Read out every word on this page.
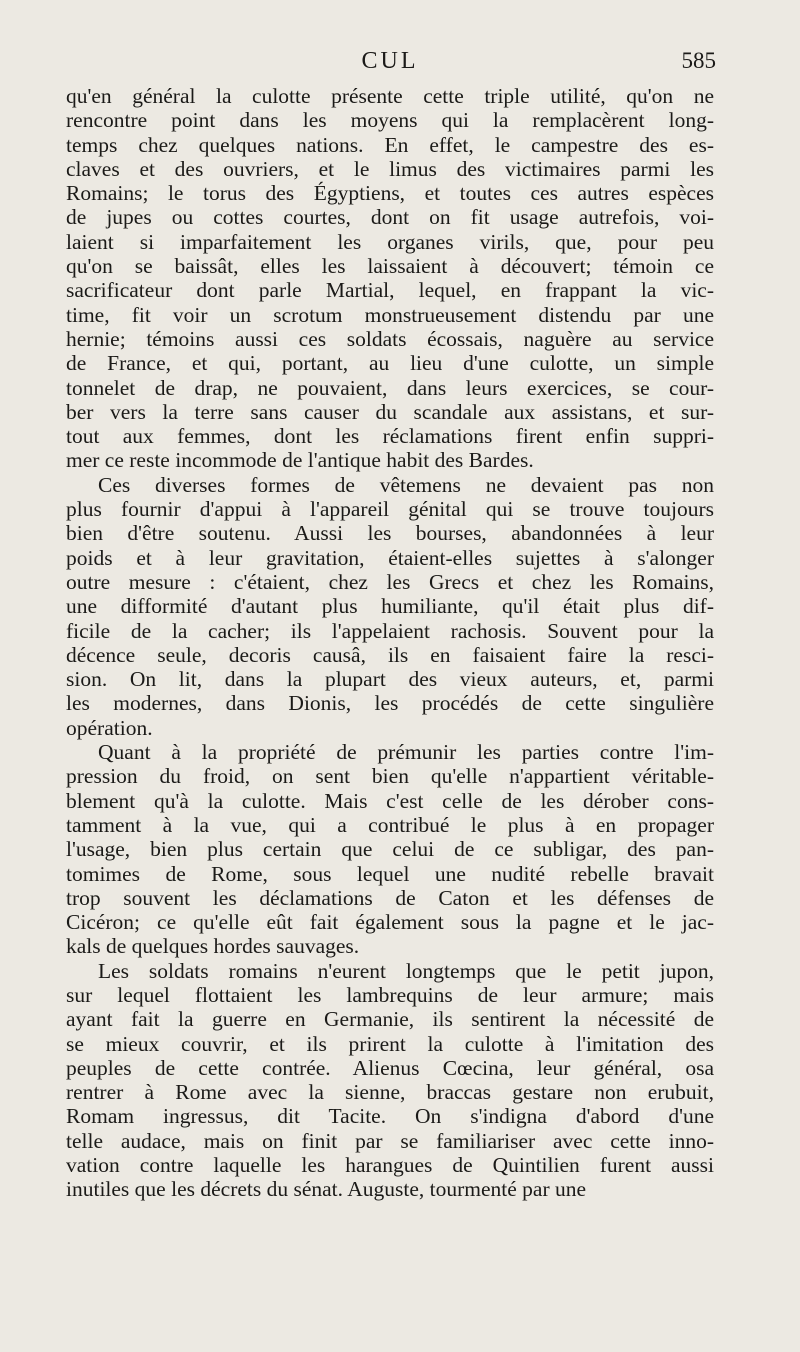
CUL	585
qu'en général la culotte présente cette triple utilité, qu'on ne
rencontre point dans les moyens qui la remplacèrent long-
temps chez quelques nations. En effet, le campestre des es-
claves et des ouvriers, et le limus des victimaires parmi les
Romains; le torus des Égyptiens, et toutes ces autres espèces
de jupes ou cottes courtes, dont on fit usage autrefois, voi-
laient si imparfaitement les organes virils, que, pour peu
qu'on se baissât, elles les laissaient à découvert; témoin ce
sacrificateur dont parle Martial, lequel, en frappant la vic-
time, fit voir un scrotum monstrueusement distendu par une
hernie; témoins aussi ces soldats écossais, naguère au service
de France, et qui, portant, au lieu d'une culotte, un simple
tonnelet de drap, ne pouvaient, dans leurs exercices, se cour-
ber vers la terre sans causer du scandale aux assistans, et sur-
tout aux femmes, dont les réclamations firent enfin suppri-
mer ce reste incommode de l'antique habit des Bardes.
Ces diverses formes de vêtemens ne devaient pas non
plus fournir d'appui à l'appareil génital qui se trouve toujours
bien d'être soutenu. Aussi les bourses, abandonnées à leur
poids et à leur gravitation, étaient-elles sujettes à s'alonger
outre mesure : c'étaient, chez les Grecs et chez les Romains,
une difformité d'autant plus humiliante, qu'il était plus dif-
ficile de la cacher; ils l'appelaient rachosis. Souvent pour la
décence seule, decoris causâ, ils en faisaient faire la resci-
sion. On lit, dans la plupart des vieux auteurs, et, parmi
les modernes, dans Dionis, les procédés de cette singulière
opération.
Quant à la propriété de prémunir les parties contre l'im-
pression du froid, on sent bien qu'elle n'appartient véritable-
blement qu'à la culotte. Mais c'est celle de les dérober cons-
tamment à la vue, qui a contribué le plus à en propager
l'usage, bien plus certain que celui de ce subligar, des pan-
tomimes de Rome, sous lequel une nudité rebelle bravait
trop souvent les déclamations de Caton et les défenses de
Cicéron; ce qu'elle eût fait également sous la pagne et le jac-
kals de quelques hordes sauvages.
Les soldats romains n'eurent longtemps que le petit jupon,
sur lequel flottaient les lambrequins de leur armure; mais
ayant fait la guerre en Germanie, ils sentirent la nécessité de
se mieux couvrir, et ils prirent la culotte à l'imitation des
peuples de cette contrée. Alienus Cœcina, leur général, osa
rentrer à Rome avec la sienne, braccas gestare non erubuit,
Romam ingressus, dit Tacite. On s'indigna d'abord d'une
telle audace, mais on finit par se familiariser avec cette inno-
vation contre laquelle les harangues de Quintilien furent aussi
inutiles que les décrets du sénat. Auguste, tourmenté par une
